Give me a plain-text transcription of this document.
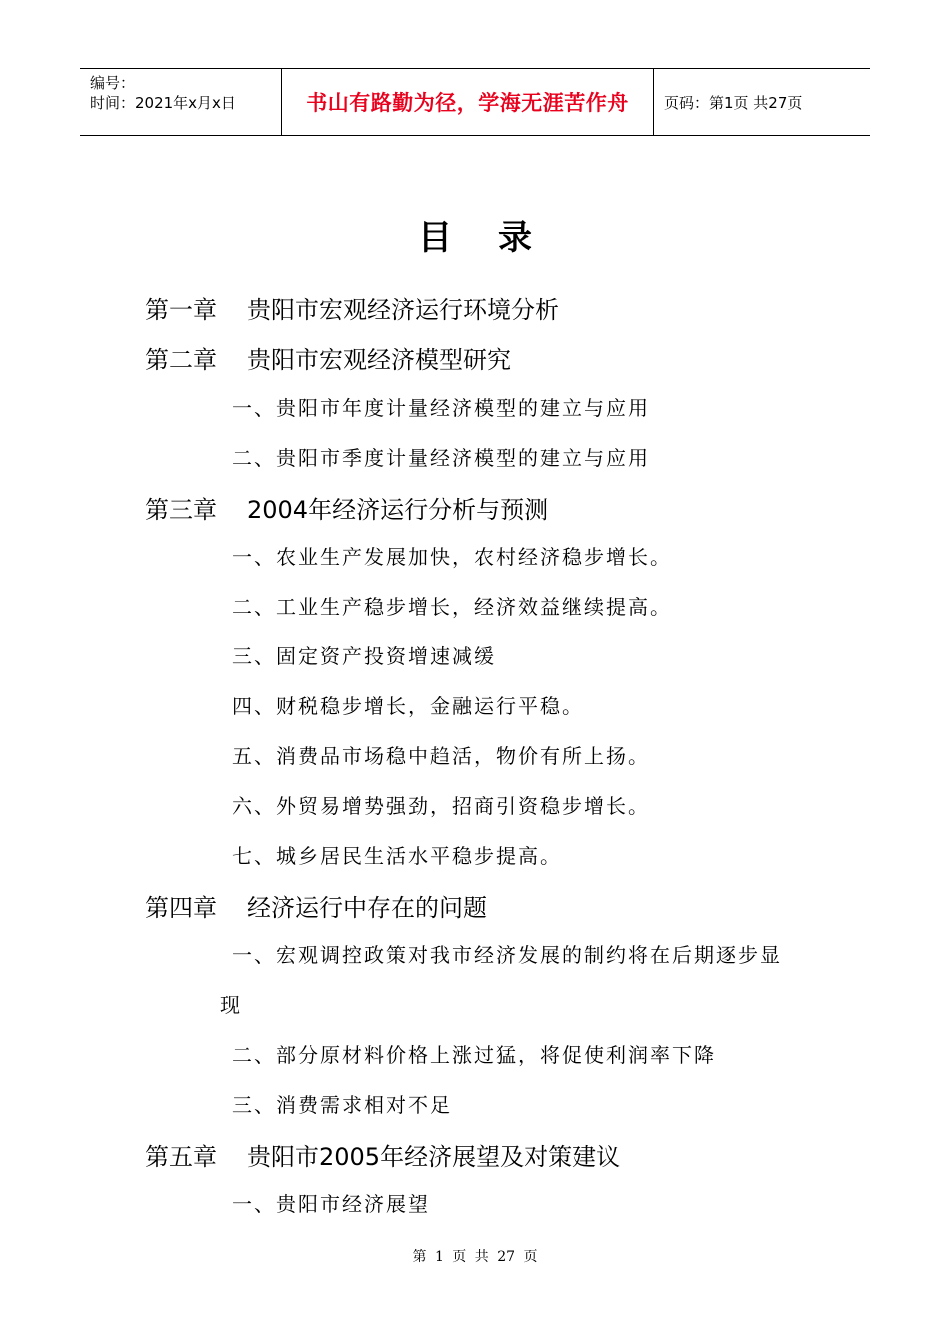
编号：
时间：2021年x月x日	书山有路勤为径，学海无涯苦作舟	页码：第1页 共27页
目录
第一章 贵阳市宏观经济运行环境分析
第二章 贵阳市宏观经济模型研究
一、贵阳市年度计量经济模型的建立与应用
二、贵阳市季度计量经济模型的建立与应用
第三章 2004年经济运行分析与预测
一、农业生产发展加快，农村经济稳步增长。
二、工业生产稳步增长，经济效益继续提高。
三、固定资产投资增速减缓
四、财税稳步增长，金融运行平稳。
五、消费品市场稳中趋活，物价有所上扬。
六、外贸易增势强劲，招商引资稳步增长。
七、城乡居民生活水平稳步提高。
第四章 经济运行中存在的问题
一、宏观调控政策对我市经济发展的制约将在后期逐步显
现
二、部分原材料价格上涨过猛，将促使利润率下降
三、消费需求相对不足
第五章 贵阳市2005年经济展望及对策建议
一、贵阳市经济展望
第 1 页 共 27 页
